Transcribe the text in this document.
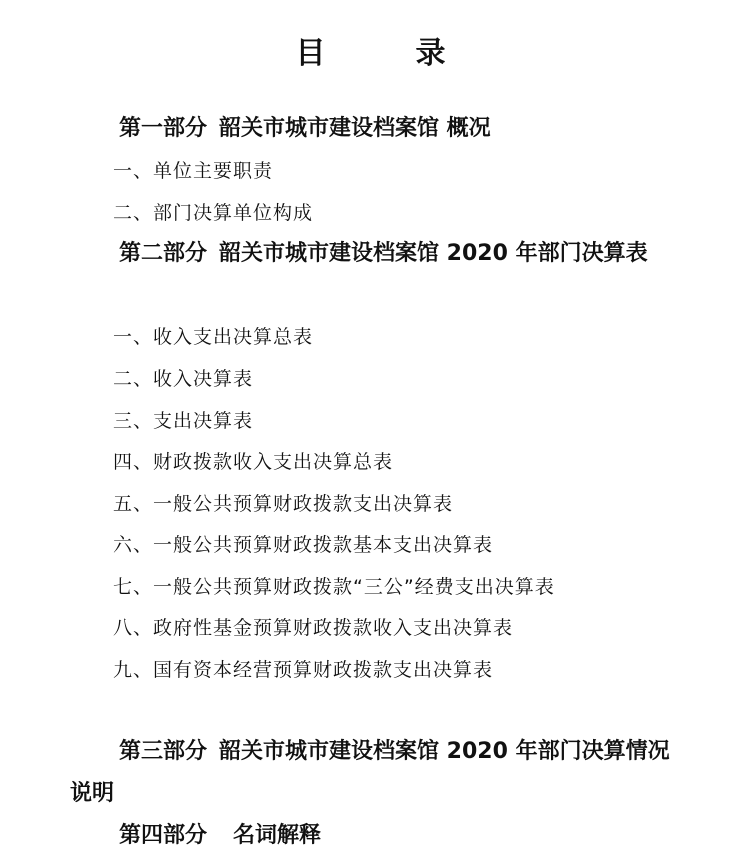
目录
第一部分 韶关市城市建设档案馆 概况
一、单位主要职责
二、部门决算单位构成
第二部分 韶关市城市建设档案馆 2020 年部门决算表
一、收入支出决算总表
二、收入决算表
三、支出决算表
四、财政拨款收入支出决算总表
五、一般公共预算财政拨款支出决算表
六、一般公共预算财政拨款基本支出决算表
七、一般公共预算财政拨款“三公”经费支出决算表
八、政府性基金预算财政拨款收入支出决算表
九、国有资本经营预算财政拨款支出决算表
第三部分 韶关市城市建设档案馆 2020 年部门决算情况说明
第四部分 名词解释
